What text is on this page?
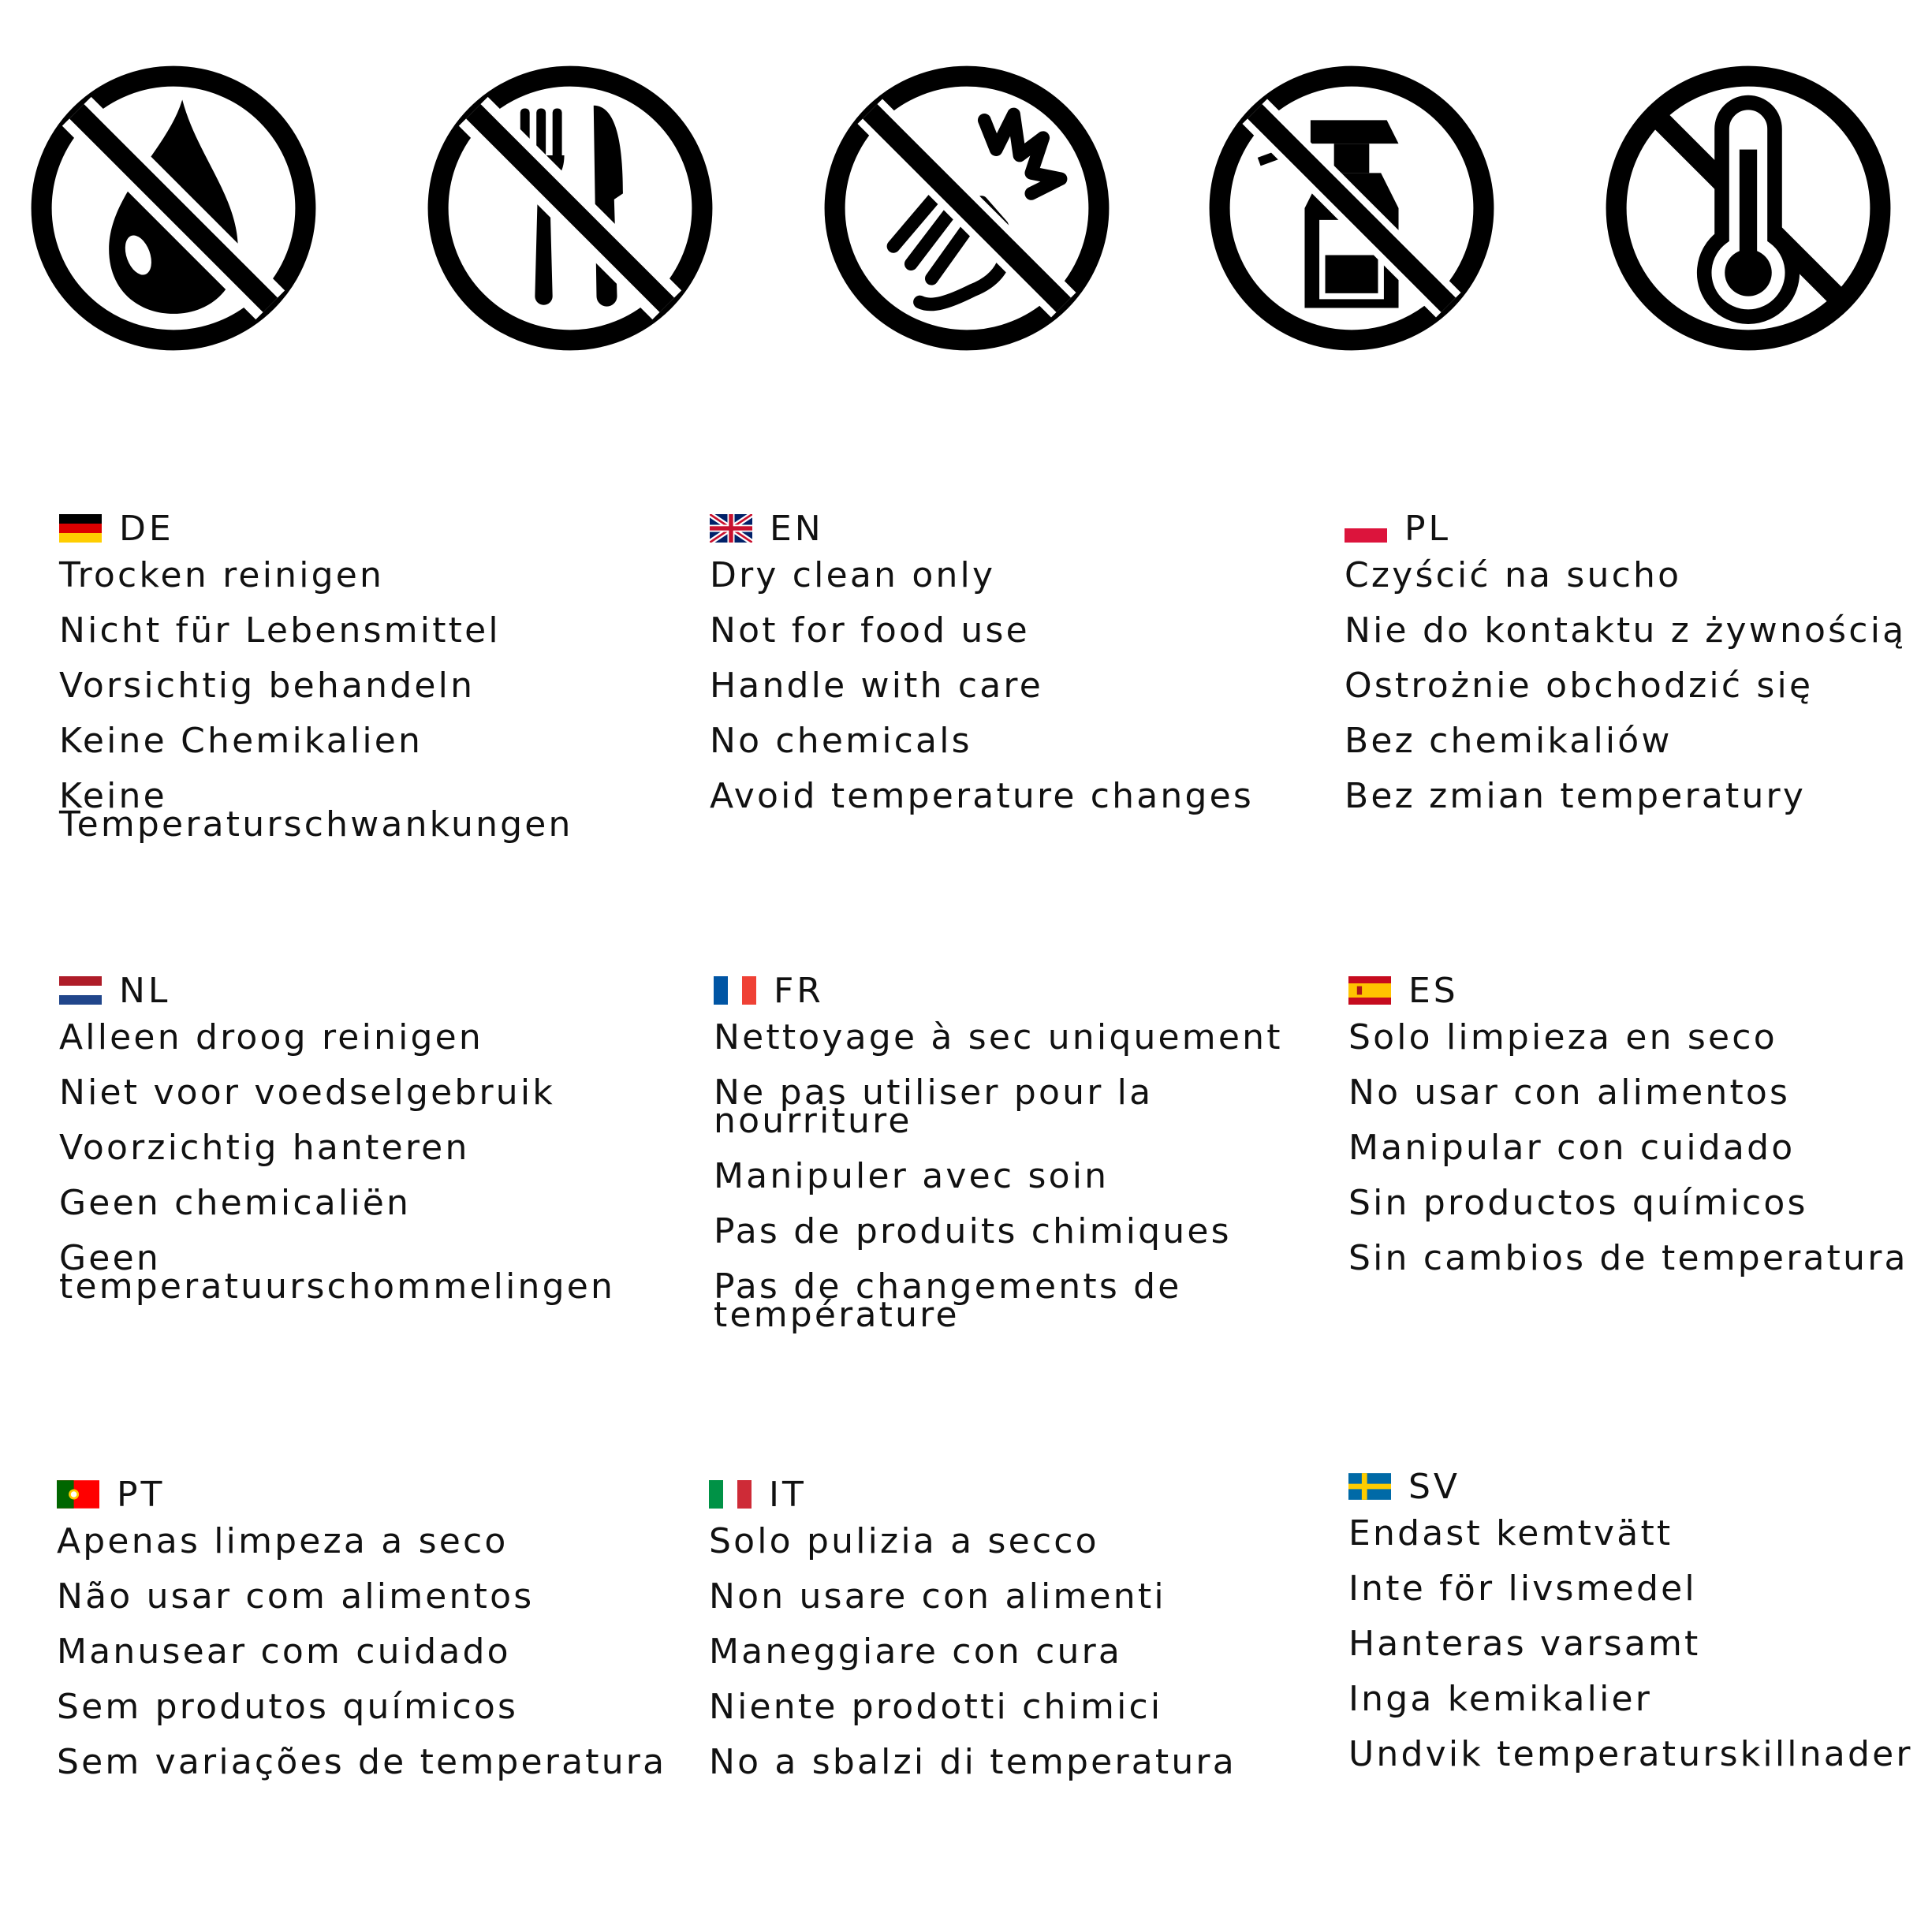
DE
Trocken reinigen
Nicht für Lebensmittel
Vorsichtig behandeln
Keine Chemikalien
Keine Temperaturschwankungen
EN
Dry clean only
Not for food use
Handle with care
No chemicals
Avoid temperature changes
PL
Czyścić na sucho
Nie do kontaktu z żywnością
Ostrożnie obchodzić się
Bez chemikaliów
Bez zmian temperatury
NL
Alleen droog reinigen
Niet voor voedselgebruik
Voorzichtig hanteren
Geen chemicaliën
Geen temperatuurschommelingen
FR
Nettoyage à sec uniquement
Ne pas utiliser pour la nourriture
Manipuler avec soin
Pas de produits chimiques
Pas de changements de température
ES
Solo limpieza en seco
No usar con alimentos
Manipular con cuidado
Sin productos químicos
Sin cambios de temperatura
PT
Apenas limpeza a seco
Não usar com alimentos
Manusear com cuidado
Sem produtos químicos
Sem variações de temperatura
IT
Solo pulizia a secco
Non usare con alimenti
Maneggiare con cura
Niente prodotti chimici
No a sbalzi di temperatura
SV
Endast kemtvätt
Inte för livsmedel
Hanteras varsamt
Inga kemikalier
Undvik temperaturskillnader
